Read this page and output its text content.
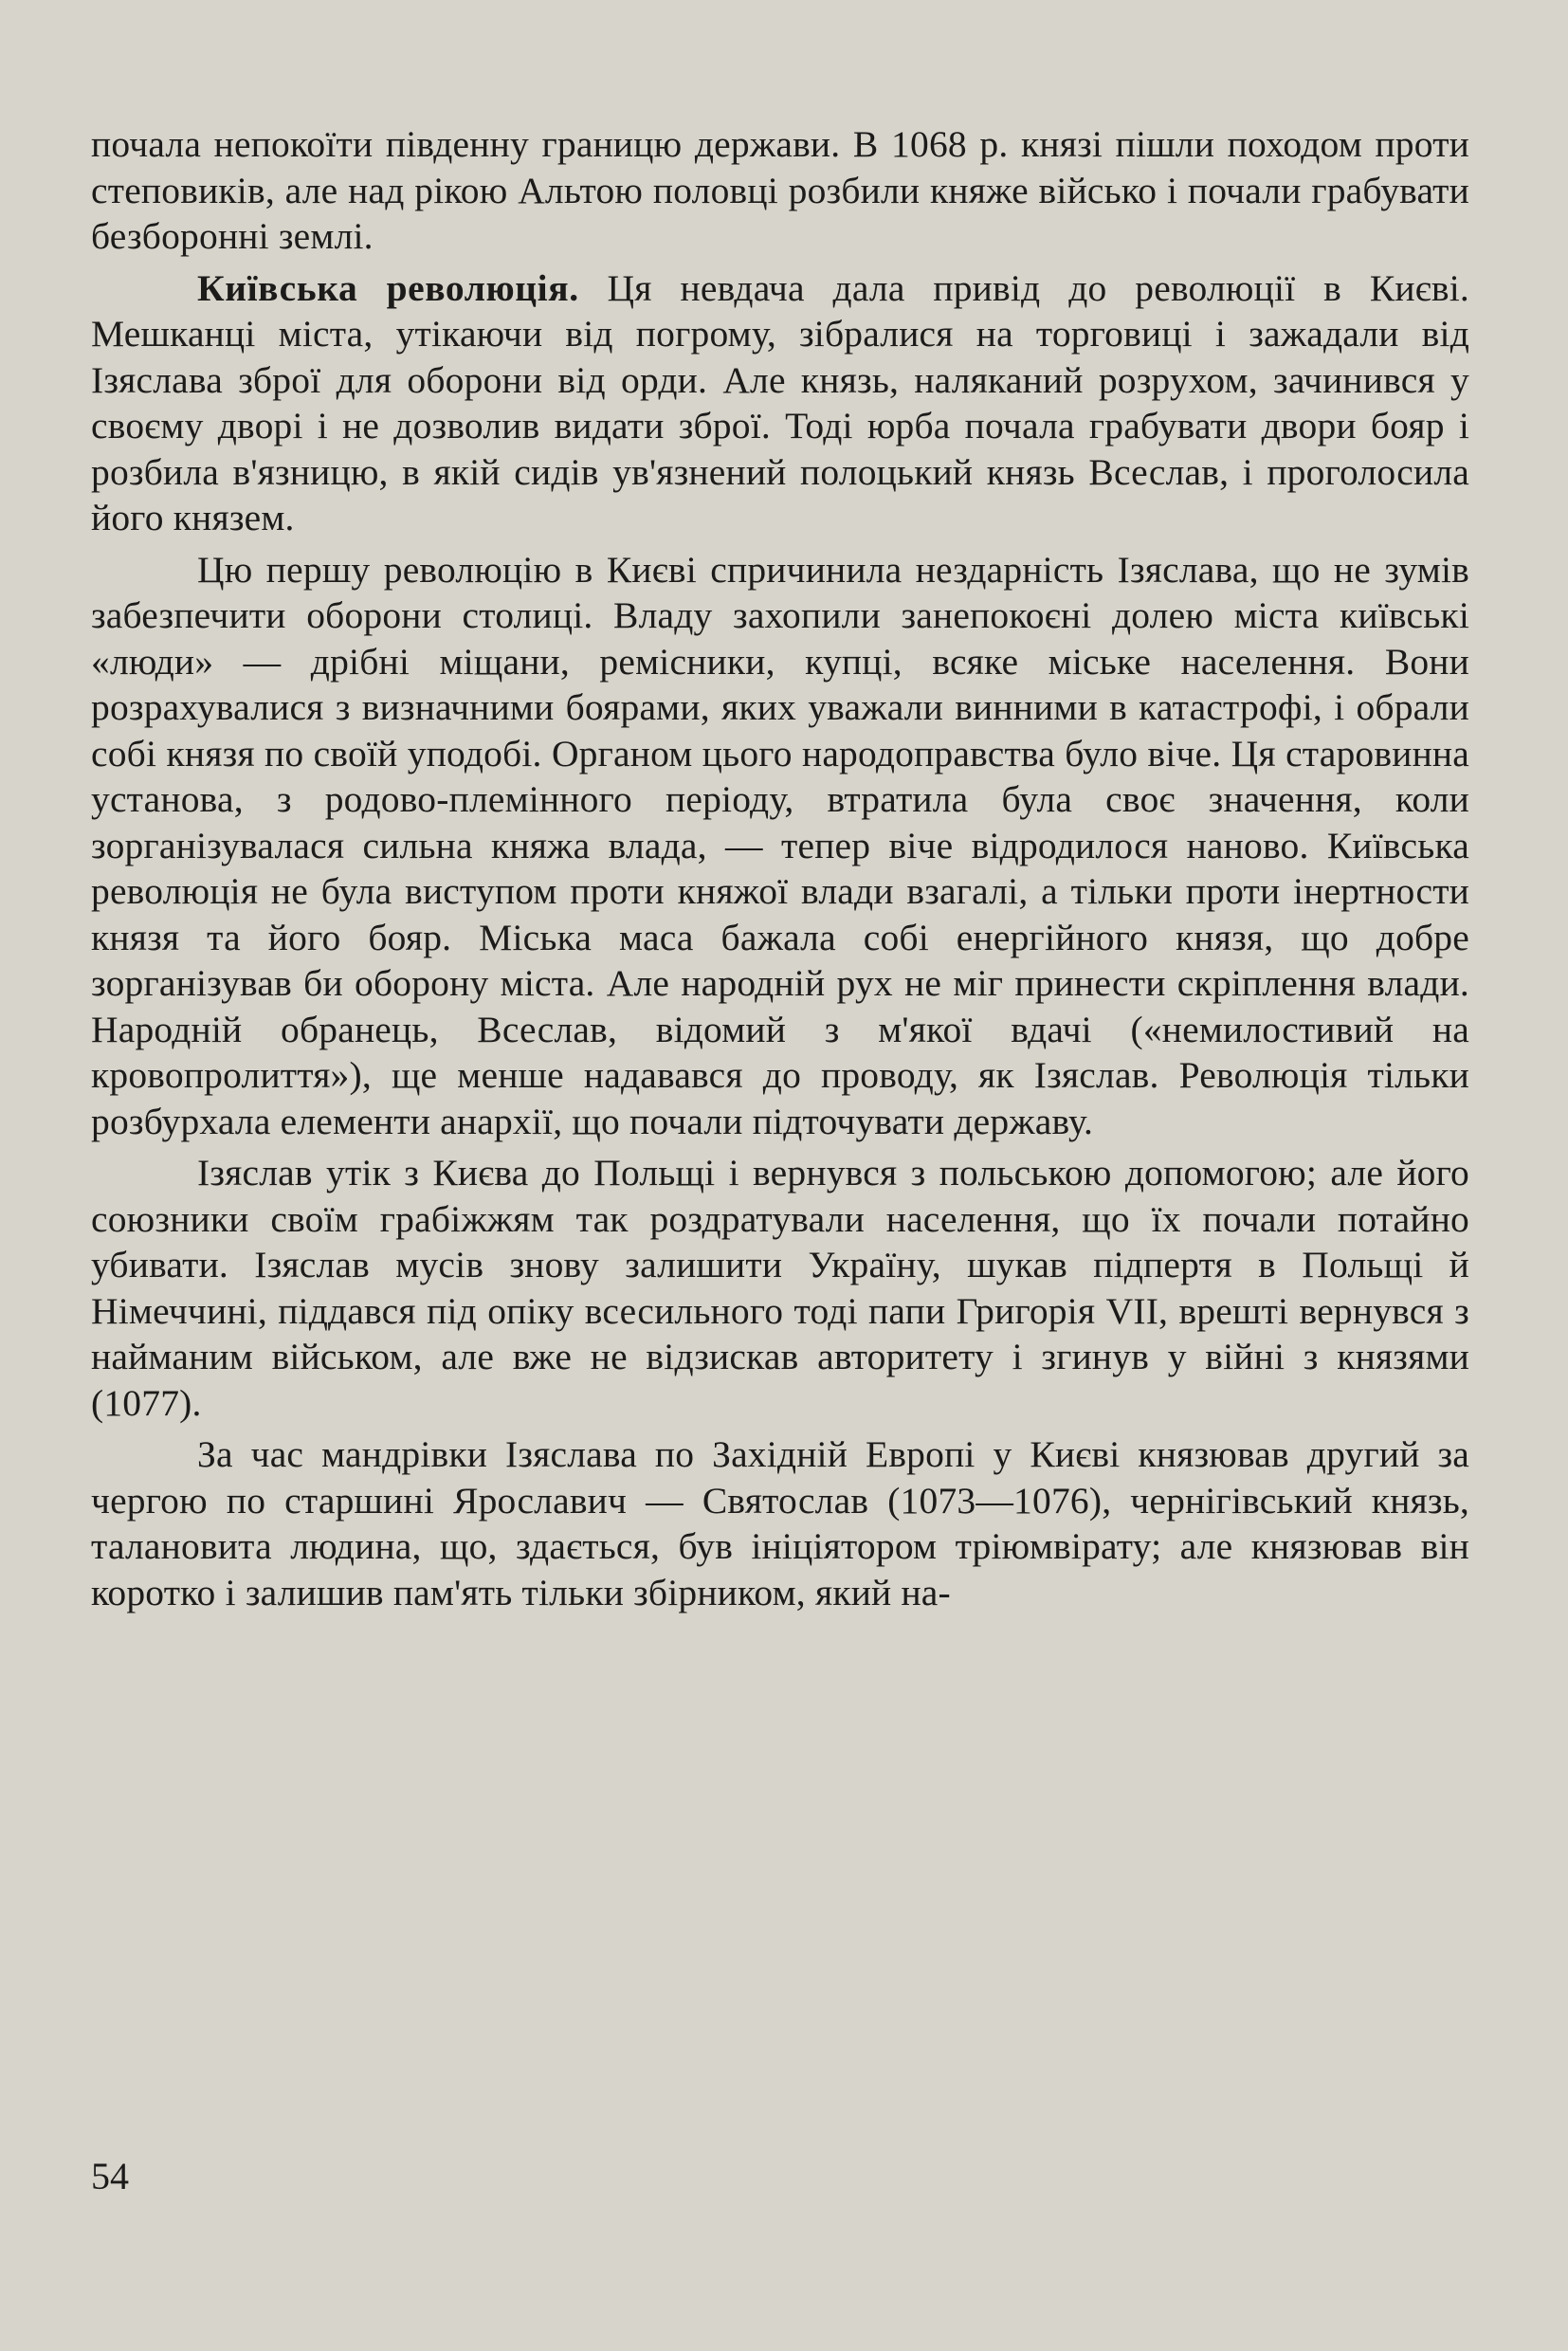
почала непокоїти південну границю держави. В 1068 р. князі пішли походом проти степовиків, але над рікою Альтою половці розбили княже військо і почали грабувати безборонні землі.

Київська революція. Ця невдача дала привід до революції в Києві. Мешканці міста, утікаючи від погрому, зібралися на торговиці і зажадали від Ізяслава зброї для оборони від орди. Але князь, наляканий розрухом, зачинився у своєму дворі і не дозволив видати зброї. Тоді юрба почала грабувати двори бояр і розбила в'язницю, в якій сидів ув'язнений полоцький князь Всеслав, і проголосила його князем.

Цю першу революцію в Києві спричинила нездарність Ізяслава, що не зумів забезпечити оборони столиці. Владу захопили занепокоєні долею міста київські «люди» — дрібні міщани, ремісники, купці, всяке міське населення. Вони розрахувалися з визначними боярами, яких уважали винними в катастрофі, і обрали собі князя по своїй уподобі. Органом цього народоправства було віче. Ця старовинна установа, з родово-племінного періоду, втратила була своє значення, коли зорганізувалася сильна княжа влада, — тепер віче відродилося наново. Київська революція не була виступом проти княжої влади взагалі, а тільки проти інертности князя та його бояр. Міська маса бажала собі енергійного князя, що добре зорганізував би оборону міста. Але народній рух не міг принести скріплення влади. Народній обранець, Всеслав, відомий з м'якої вдачі («немилостивий на кровопролиття»), ще менше надавався до проводу, як Ізяслав. Революція тільки розбурхала елементи анархії, що почали підточувати державу.

Ізяслав утік з Києва до Польщі і вернувся з польською допомогою; але його союзники своїм грабіжжям так роздратували населення, що їх почали потайно убивати. Ізяслав мусів знову залишити Україну, шукав підпертя в Польщі й Німеччині, піддався під опіку всесильного тоді папи Григорія VII, врешті вернувся з найманим військом, але вже не відзискав авторитету і згинув у війні з князями (1077).

За час мандрівки Ізяслава по Західній Европі у Києві князював другий за чергою по старшині Ярославич — Святослав (1073—1076), чернігівський князь, талановита людина, що, здається, був ініціятором тріюмвірату; але князював він коротко і залишив пам'ять тільки збірником, який на-

54
